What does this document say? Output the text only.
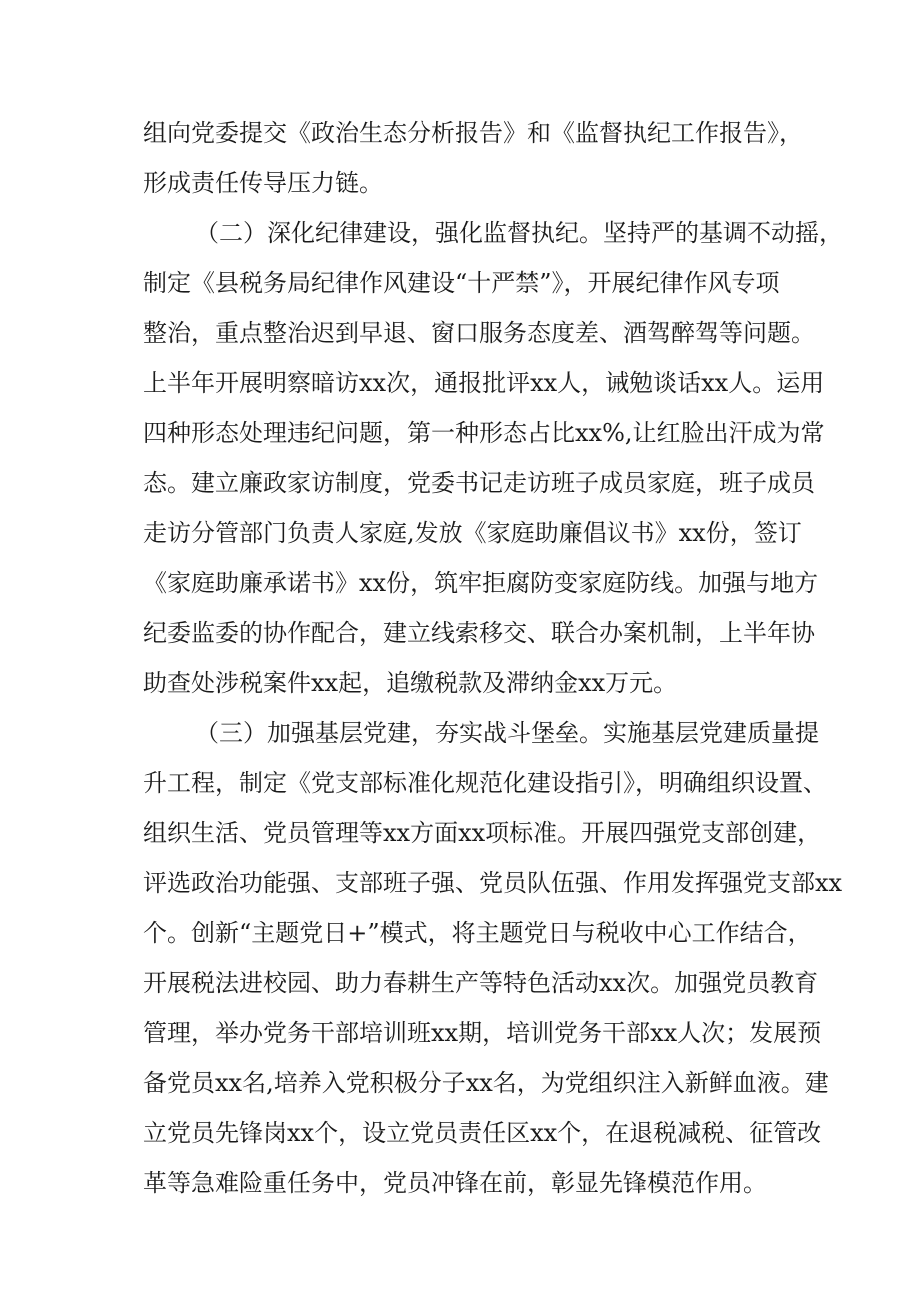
组向党委提交《政治生态分析报告》和《监督执纪工作报告》，
形成责任传导压力链。
（二）深化纪律建设，强化监督执纪。坚持严的基调不动摇，
制定《县税务局纪律作风建设“十严禁”》，开展纪律作风专项
整治，重点整治迟到早退、窗口服务态度差、酒驾醉驾等问题。
上半年开展明察暗访xx次，通报批评xx人，诫勉谈话xx人。运用
四种形态处理违纪问题，第一种形态占比xx%,让红脸出汗成为常
态。建立廉政家访制度，党委书记走访班子成员家庭，班子成员
走访分管部门负责人家庭,发放《家庭助廉倡议书》xx份，签订
《家庭助廉承诺书》xx份，筑牢拒腐防变家庭防线。加强与地方
纪委监委的协作配合，建立线索移交、联合办案机制，上半年协
助查处涉税案件xx起，追缴税款及滞纳金xx万元。
（三）加强基层党建，夯实战斗堡垒。实施基层党建质量提
升工程，制定《党支部标准化规范化建设指引》，明确组织设置、
组织生活、党员管理等xx方面xx项标准。开展四强党支部创建，
评选政治功能强、支部班子强、党员队伍强、作用发挥强党支部xx
个。创新“主题党日+”模式，将主题党日与税收中心工作结合，
开展税法进校园、助力春耕生产等特色活动xx次。加强党员教育
管理，举办党务干部培训班xx期，培训党务干部xx人次；发展预
备党员xx名,培养入党积极分子xx名，为党组织注入新鲜血液。建
立党员先锋岗xx个，设立党员责任区xx个，在退税减税、征管改
革等急难险重任务中，党员冲锋在前，彰显先锋模范作用。
